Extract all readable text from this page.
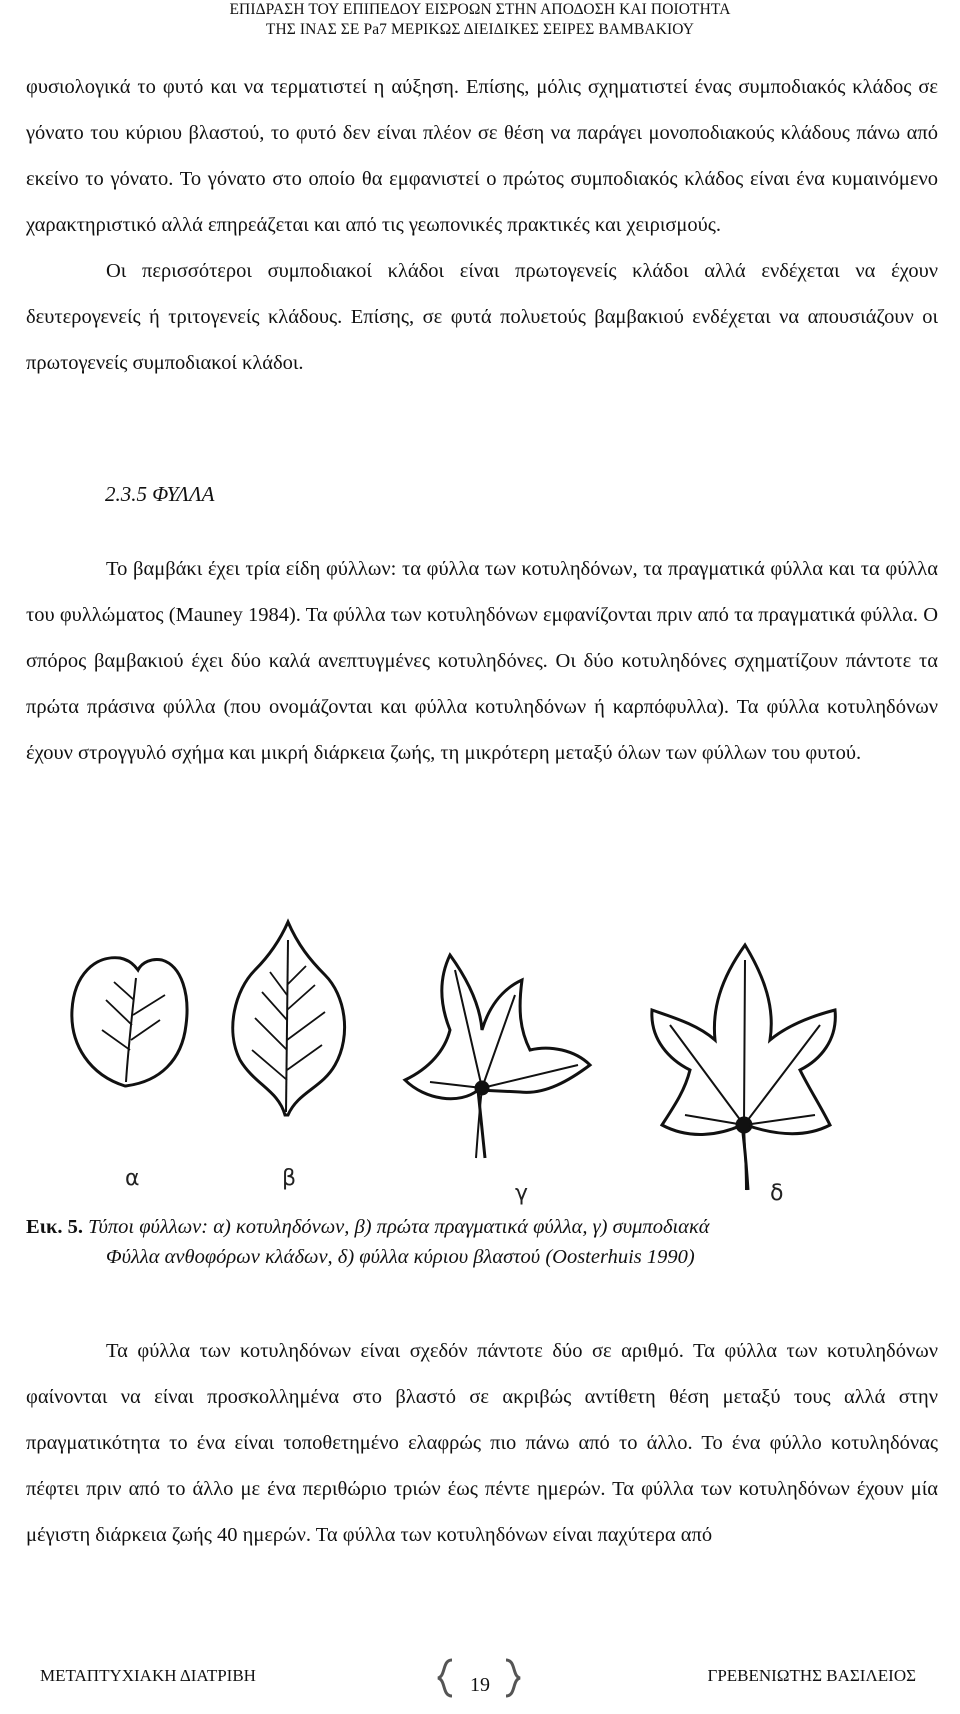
ΕΠΙΔΡΑΣΗ ΤΟΥ ΕΠΙΠΕΔΟΥ ΕΙΣΡΟΩΝ ΣΤΗΝ ΑΠΟΔΟΣΗ ΚΑΙ ΠΟΙΟΤΗΤΑ
ΤΗΣ ΙΝΑΣ ΣΕ Pa7 ΜΕΡΙΚΩΣ ΔΙΕΙΔΙΚΕΣ ΣΕΙΡΕΣ ΒΑΜΒΑΚΙΟΥ

φυσιολογικά το φυτό και να τερματιστεί η αύξηση. Επίσης, μόλις σχηματιστεί ένας συμποδιακός κλάδος σε γόνατο του κύριου βλαστού, το φυτό δεν είναι πλέον σε θέση να παράγει μονοποδιακούς κλάδους πάνω από εκείνο το γόνατο. Το γόνατο στο οποίο θα εμφανιστεί ο πρώτος συμποδιακός κλάδος είναι ένα κυμαινόμενο χαρακτηριστικό αλλά επηρεάζεται και από τις γεωπονικές πρακτικές και χειρισμούς.

Οι περισσότεροι συμποδιακοί κλάδοι είναι πρωτογενείς κλάδοι αλλά ενδέχεται να έχουν δευτερογενείς ή τριτογενείς κλάδους. Επίσης, σε φυτά πολυετούς βαμβακιού ενδέχεται να απουσιάζουν οι πρωτογενείς συμποδιακοί κλάδοι.

2.3.5 ΦΥΛΛΑ

Το βαμβάκι έχει τρία είδη φύλλων: τα φύλλα των κοτυληδόνων, τα πραγματικά φύλλα και τα φύλλα του φυλλώματος (Mauney 1984). Τα φύλλα των κοτυληδόνων εμφανίζονται πριν από τα πραγματικά φύλλα. Ο σπόρος βαμβακιού έχει δύο καλά ανεπτυγμένες κοτυληδόνες. Οι δύο κοτυληδόνες σχηματίζουν πάντοτε τα πρώτα πράσινα φύλλα (που ονομάζονται και φύλλα κοτυληδόνων ή καρπόφυλλα). Τα φύλλα κοτυληδόνων έχουν στρογγυλό σχήμα και μικρή διάρκεια ζωής, τη μικρότερη μεταξύ όλων των φύλλων του φυτού.

α	β
γ	δ
Εικ. 5. Τύποι φύλλων: α) κοτυληδόνων, β) πρώτα πραγματικά φύλλα, γ) συμποδιακά
Φύλλα ανθοφόρων κλάδων, δ) φύλλα κύριου βλαστού (Oosterhuis 1990)

Τα φύλλα των κοτυληδόνων είναι σχεδόν πάντοτε δύο σε αριθμό. Τα φύλλα των κοτυληδόνων φαίνονται να είναι προσκολλημένα στο βλαστό σε ακριβώς αντίθετη θέση μεταξύ τους αλλά στην πραγματικότητα το ένα είναι τοποθετημένο ελαφρώς πιο πάνω από το άλλο. Το ένα φύλλο κοτυληδόνας πέφτει πριν από το άλλο με ένα περιθώριο τριών έως πέντε ημερών. Τα φύλλα των κοτυληδόνων έχουν μία μέγιστη διάρκεια ζωής 40 ημερών. Τα φύλλα των κοτυληδόνων είναι παχύτερα από

ΜΕΤΑΠΤΥΧΙΑΚΗ ΔΙΑΤΡΙΒΗ	19	ΓΡΕΒΕΝΙΩΤΗΣ ΒΑΣΙΛΕΙΟΣ
